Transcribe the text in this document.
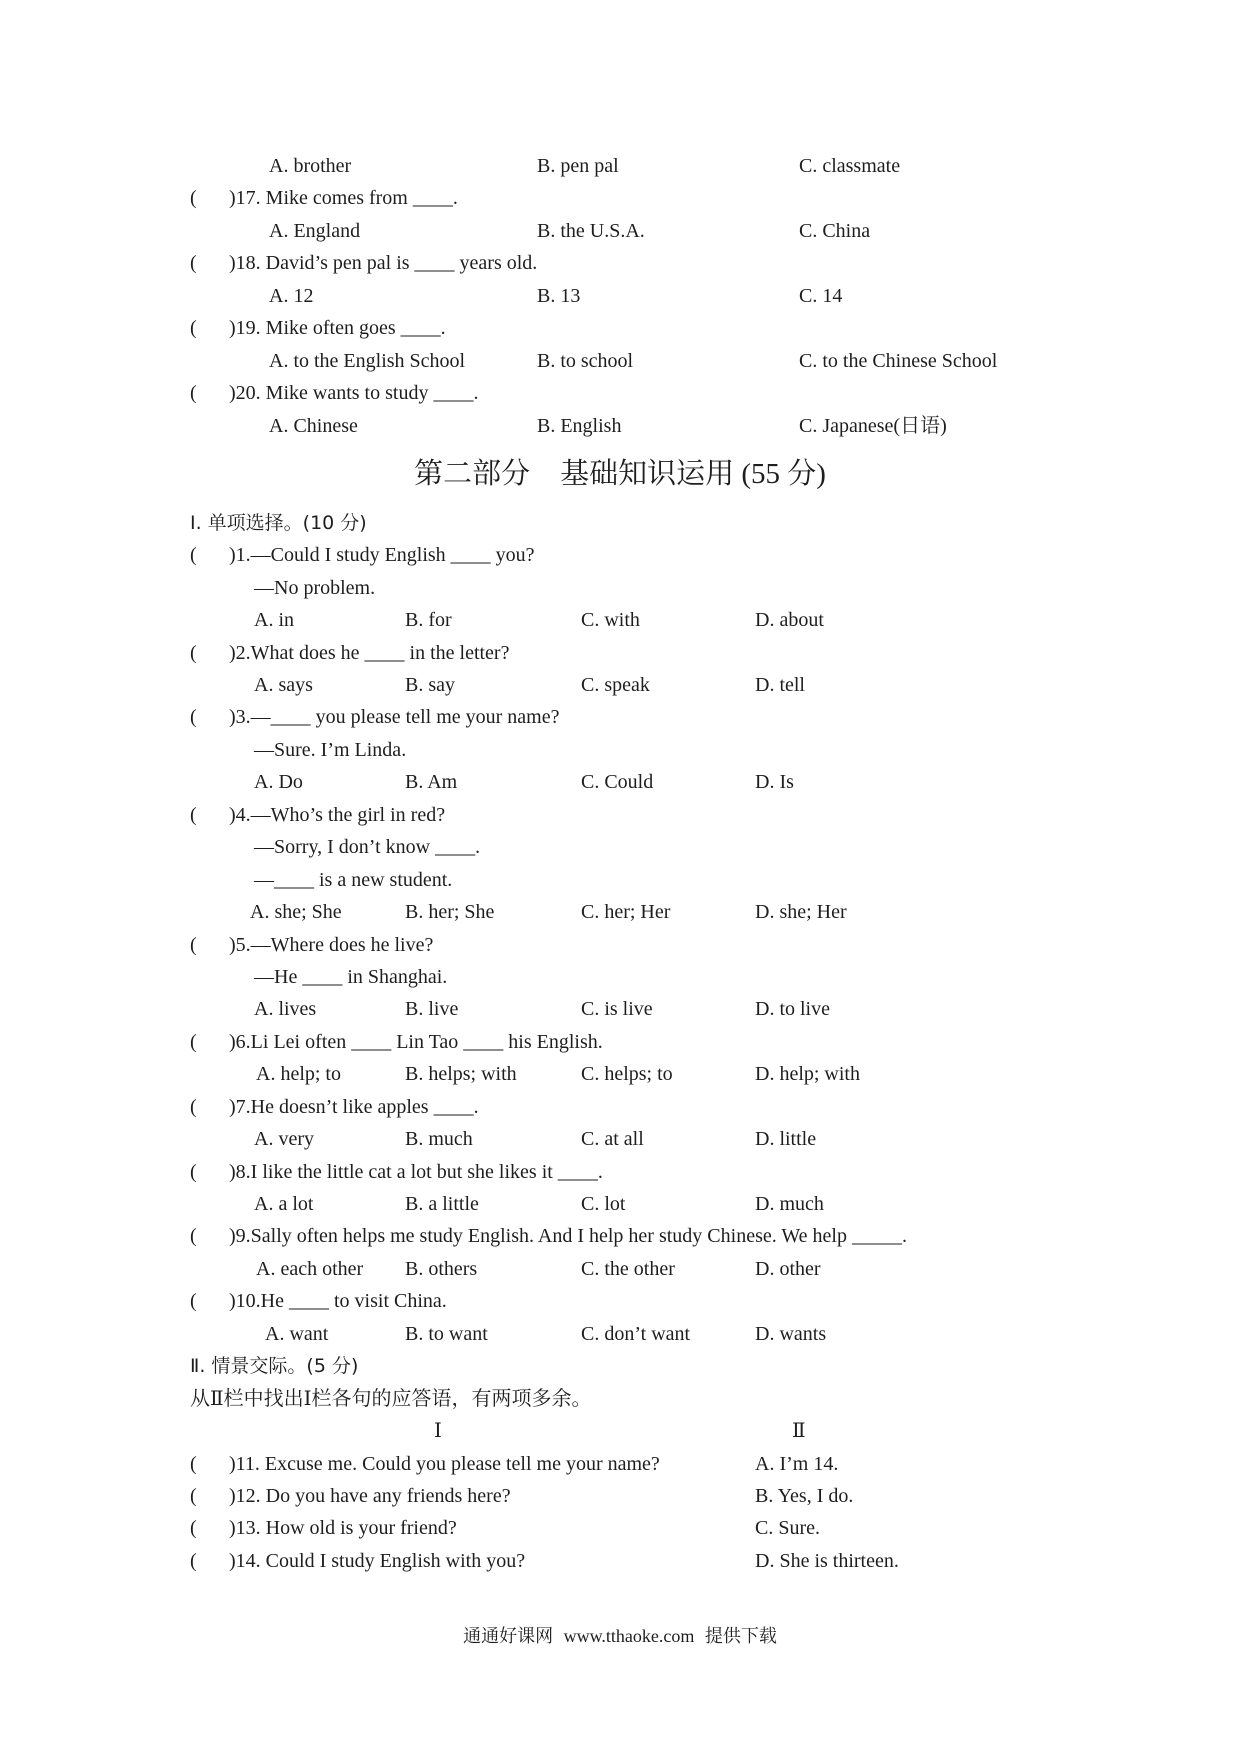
A. brother	B. pen pal	C. classmate
( )17. Mike comes from ____.
A. England	B. the U.S.A.	C. China
( )18. David’s pen pal is ____ years old.
A. 12	B. 13	C. 14
( )19. Mike often goes ____.
A. to the English School	B. to school	C. to the Chinese School
( )20. Mike wants to study ____.
A. Chinese	B. English	C. Japanese(日语)
第二部分 基础知识运用 (55 分)
Ⅰ. 单项选择。(10 分)
( )1.—Could I study English ____ you?
—No problem.
A. in	B. for	C. with	D. about
( )2.What does he ____ in the letter?
A. says	B. say	C. speak	D. tell
( )3.—____ you please tell me your name?
—Sure. I’m Linda.
A. Do	B. Am	C. Could	D. Is
( )4.—Who’s the girl in red?
—Sorry, I don’t know ____.
—____ is a new student.
A. she; She	B. her; She	C. her; Her	D. she; Her
( )5.—Where does he live?
—He ____ in Shanghai.
A. lives	B. live	C. is live	D. to live
( )6.Li Lei often ____ Lin Tao ____ his English.
A. help; to	B. helps; with	C. helps; to	D. help; with
( )7.He doesn’t like apples ____.
A. very	B. much	C. at all	D. little
( )8.I like the little cat a lot but she likes it ____.
A. a lot	B. a little	C. lot	D. much
( )9.Sally often helps me study English. And I help her study Chinese. We help _____.
A. each other B. others	C. the other	D. other
( )10.He ____ to visit China.
A. want	B. to want	C. don’t want	D. wants
Ⅱ. 情景交际。(5 分)
从Ⅱ栏中找出Ⅰ栏各句的应答语，有两项多余。
Ⅰ	Ⅱ
( )11. Excuse me. Could you please tell me your name?	A. I’m 14.
( )12. Do you have any friends here?	B. Yes, I do.
( )13. How old is your friend?	C. Sure.
( )14. Could I study English with you?	D. She is thirteen.
通通好课网 www.tthaoke.com 提供下载
